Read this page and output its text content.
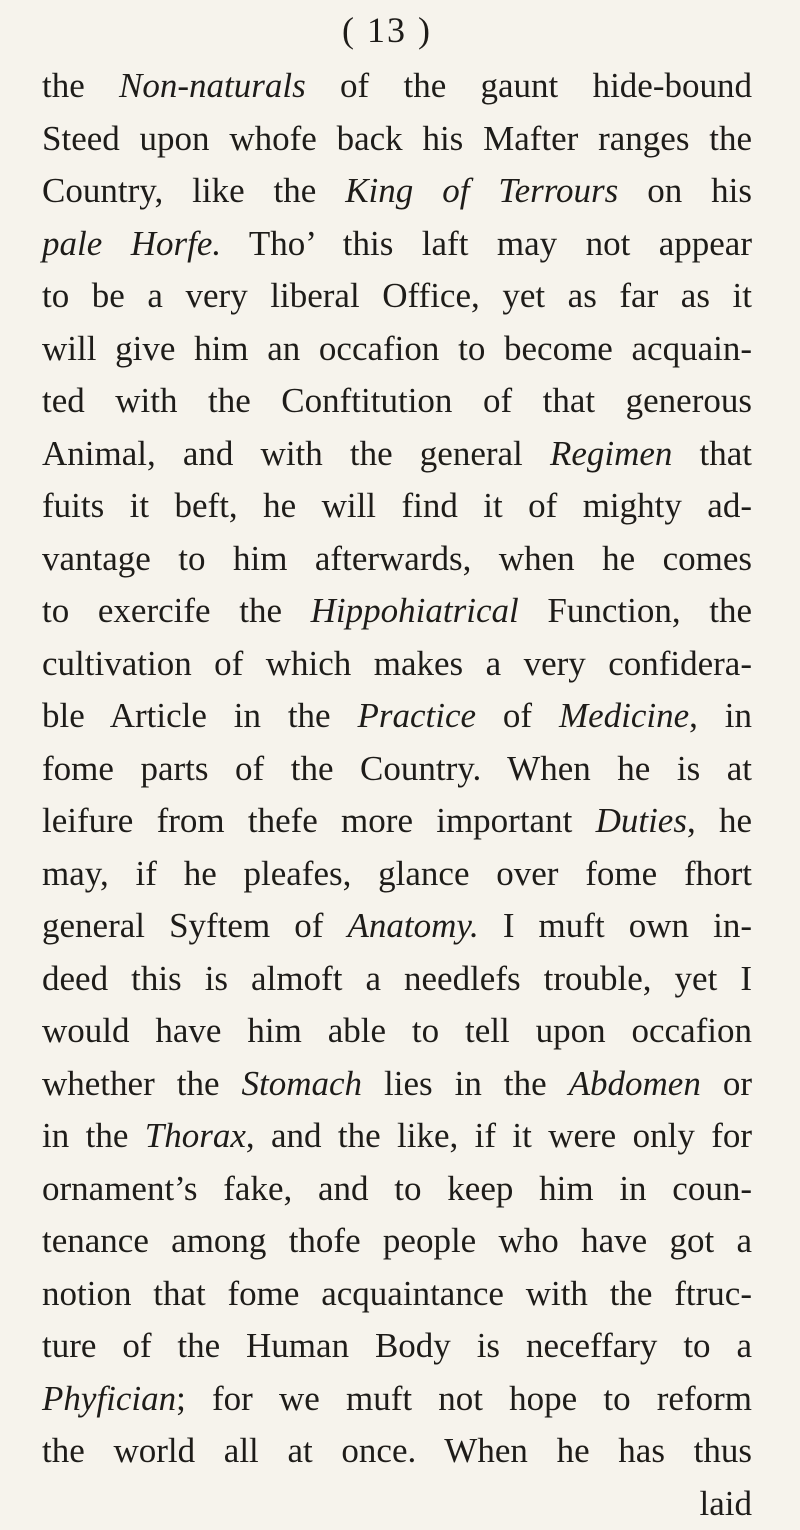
( 13 )
the Non-naturals of the gaunt hide-bound
Steed upon whofe back his Mafter ranges the
Country, like the King of Terrours on his
pale Horfe. Tho’ this laft may not appear
to be a very liberal Office, yet as far as it
will give him an occafion to become acquain-
ted with the Conftitution of that generous
Animal, and with the general Regimen that
fuits it beft, he will find it of mighty ad-
vantage to him afterwards, when he comes
to exercife the Hippohiatrical Function, the
cultivation of which makes a very confidera-
ble Article in the Practice of Medicine, in
fome parts of the Country. When he is at
leifure from thefe more important Duties, he
may, if he pleafes, glance over fome fhort
general Syftem of Anatomy. I muft own in-
deed this is almoft a needlefs trouble, yet I
would have him able to tell upon occafion
whether the Stomach lies in the Abdomen or
in the Thorax, and the like, if it were only for
ornament’s fake, and to keep him in coun-
tenance among thofe people who have got a
notion that fome acquaintance with the ftruc-
ture of the Human Body is neceffary to a
Phyfician; for we muft not hope to reform
the world all at once. When he has thus
laid
